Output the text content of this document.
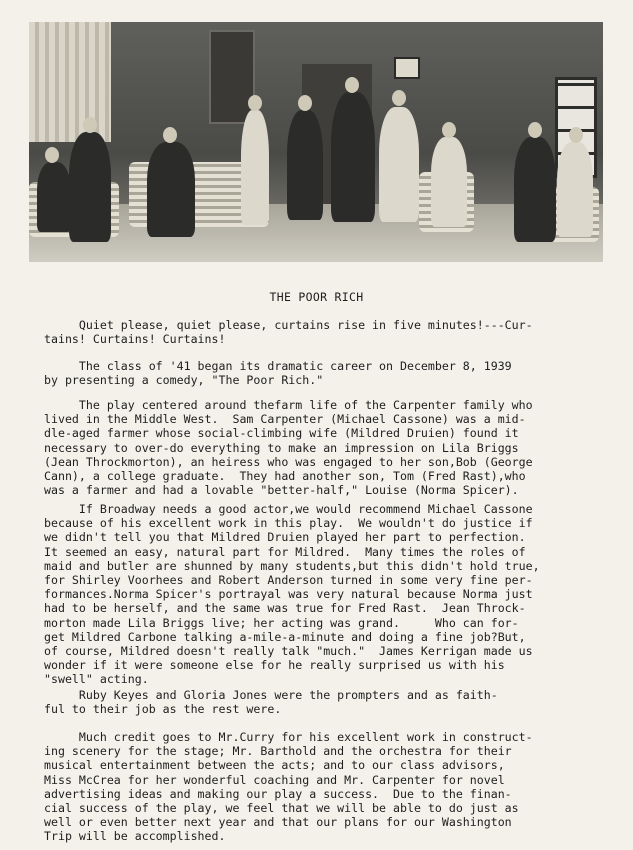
THE POOR RICH

Quiet please, quiet please, curtains rise in five minutes!---Cur-
tains! Curtains! Curtains!

The class of '41 began its dramatic career on December 8, 1939
by presenting a comedy, "The Poor Rich."

The play centered around thefarm life of the Carpenter family who
lived in the Middle West.  Sam Carpenter (Michael Cassone) was a mid-
dle-aged farmer whose social-climbing wife (Mildred Druien) found it
necessary to over-do everything to make an impression on Lila Briggs
(Jean Throckmorton), an heiress who was engaged to her son,Bob (George
Cann), a college graduate.  They had another son, Tom (Fred Rast),who
was a farmer and had a lovable "better-half," Louise (Norma Spicer).

If Broadway needs a good actor,we would recommend Michael Cassone
because of his excellent work in this play.  We wouldn't do justice if
we didn't tell you that Mildred Druien played her part to perfection.
It seemed an easy, natural part for Mildred.  Many times the roles of
maid and butler are shunned by many students,but this didn't hold true,
for Shirley Voorhees and Robert Anderson turned in some very fine per-
formances.Norma Spicer's portrayal was very natural because Norma just
had to be herself, and the same was true for Fred Rast.  Jean Throck-
morton made Lila Briggs live; her acting was grand.     Who can for-
get Mildred Carbone talking a-mile-a-minute and doing a fine job?But,
of course, Mildred doesn't really talk "much."  James Kerrigan made us
wonder if it were someone else for he really surprised us with his
"swell" acting.

Ruby Keyes and Gloria Jones were the prompters and as faith-
ful to their job as the rest were.

Much credit goes to Mr.Curry for his excellent work in construct-
ing scenery for the stage; Mr. Barthold and the orchestra for their
musical entertainment between the acts; and to our class advisors,
Miss McCrea for her wonderful coaching and Mr. Carpenter for novel
advertising ideas and making our play a success.  Due to the finan-
cial success of the play, we feel that we will be able to do just as
well or even better next year and that our plans for our Washington
Trip will be accomplished.
